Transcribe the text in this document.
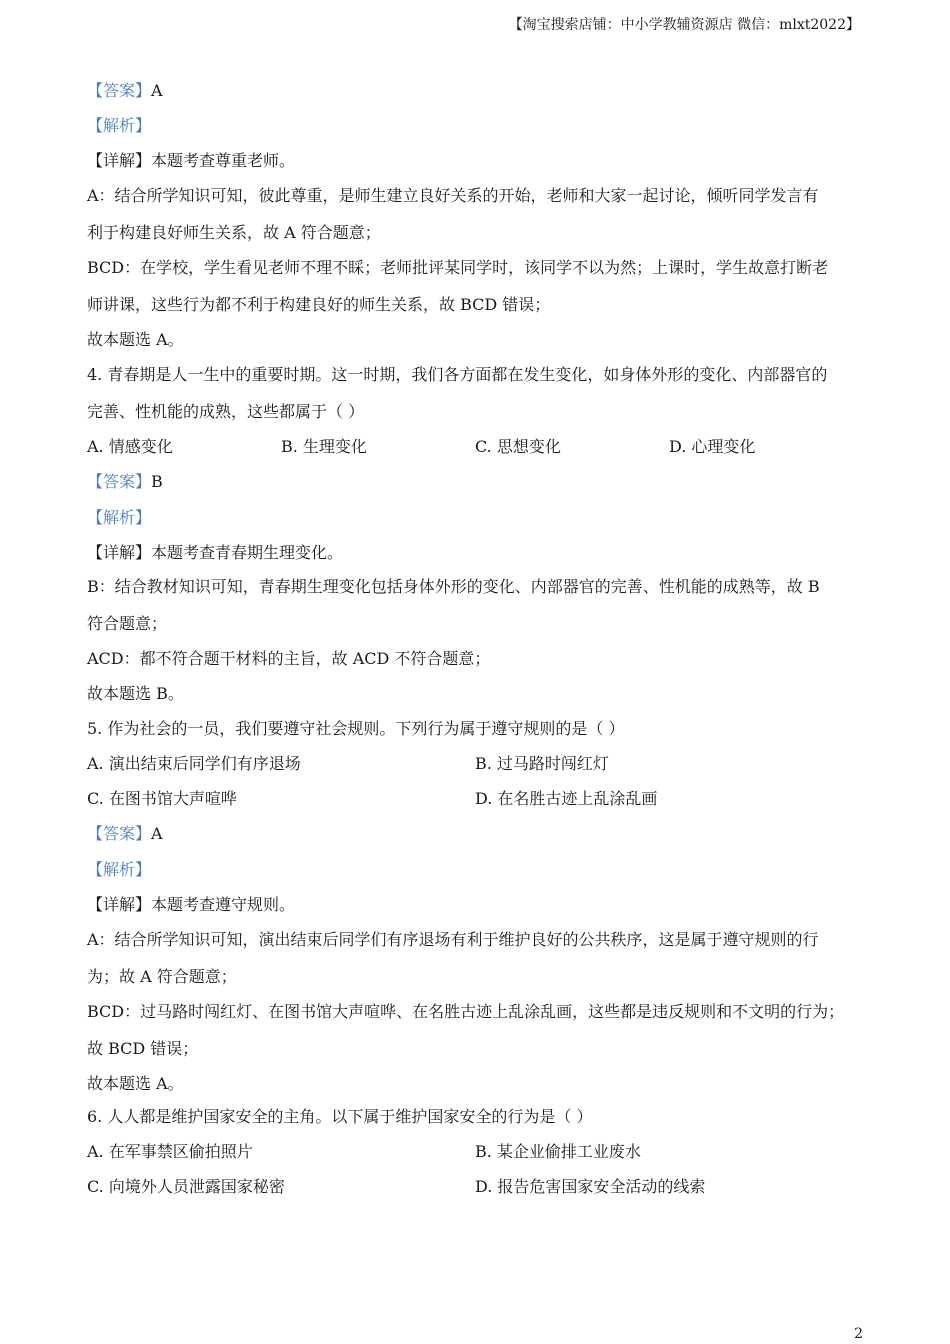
【淘宝搜索店铺：中小学教辅资源店 微信：mlxt2022】
【答案】A
【解析】
【详解】本题考查尊重老师。
A：结合所学知识可知，彼此尊重，是师生建立良好关系的开始，老师和大家一起讨论，倾听同学发言有
利于构建良好师生关系，故 A 符合题意；
BCD：在学校，学生看见老师不理不睬；老师批评某同学时，该同学不以为然；上课时，学生故意打断老
师讲课，这些行为都不利于构建良好的师生关系，故 BCD 错误；
故本题选 A。
4. 青春期是人一生中的重要时期。这一时期，我们各方面都在发生变化，如身体外形的变化、内部器官的
完善、性机能的成熟，这些都属于（ ）
A. 情感变化	B. 生理变化	C. 思想变化	D. 心理变化
【答案】B
【解析】
【详解】本题考查青春期生理变化。
B：结合教材知识可知，青春期生理变化包括身体外形的变化、内部器官的完善、性机能的成熟等，故 B
符合题意；
ACD：都不符合题干材料的主旨，故 ACD 不符合题意；
故本题选 B。
5. 作为社会的一员，我们要遵守社会规则。下列行为属于遵守规则的是（ ）
A. 演出结束后同学们有序退场	B. 过马路时闯红灯
C. 在图书馆大声喧哗	D. 在名胜古迹上乱涂乱画
【答案】A
【解析】
【详解】本题考查遵守规则。
A：结合所学知识可知，演出结束后同学们有序退场有利于维护良好的公共秩序，这是属于遵守规则的行
为；故 A 符合题意；
BCD：过马路时闯红灯、在图书馆大声喧哗、在名胜古迹上乱涂乱画，这些都是违反规则和不文明的行为；
故 BCD 错误；
故本题选 A。
6. 人人都是维护国家安全的主角。以下属于维护国家安全的行为是（ ）
A. 在军事禁区偷拍照片	B. 某企业偷排工业废水
C. 向境外人员泄露国家秘密	D. 报告危害国家安全活动的线索
2
